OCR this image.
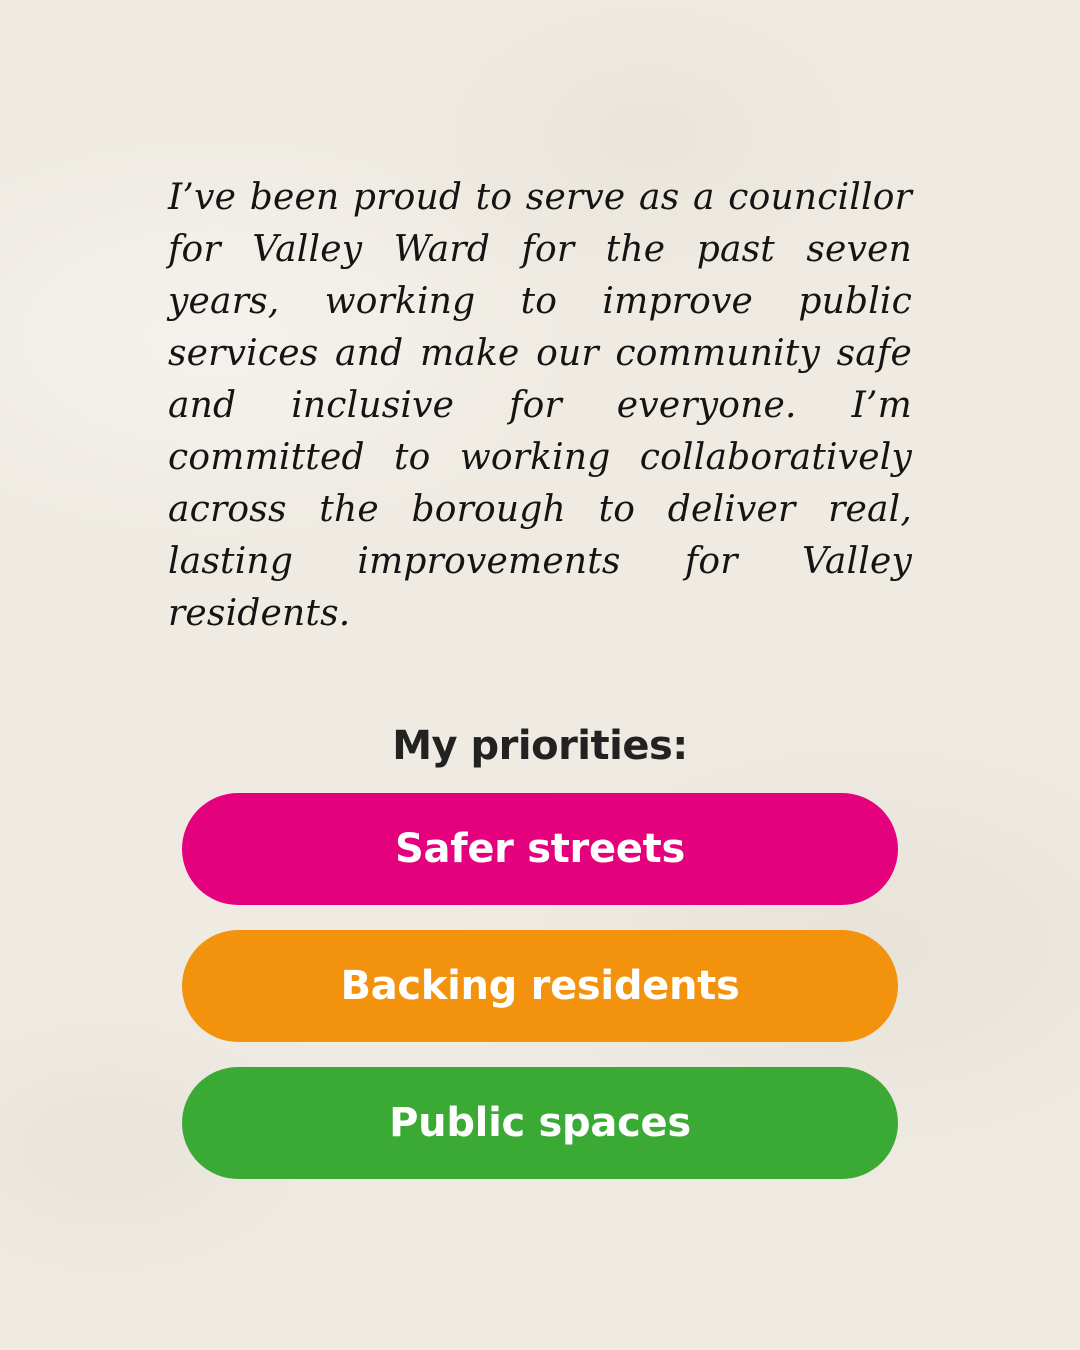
I’ve been proud to serve as a councillor for Valley Ward for the past seven years, working to improve public services and make our community safe and inclusive for everyone. I’m committed to working collaboratively across the borough to deliver real, lasting improvements for Valley residents.

My priorities:
Safer streets
Backing residents
Public spaces
